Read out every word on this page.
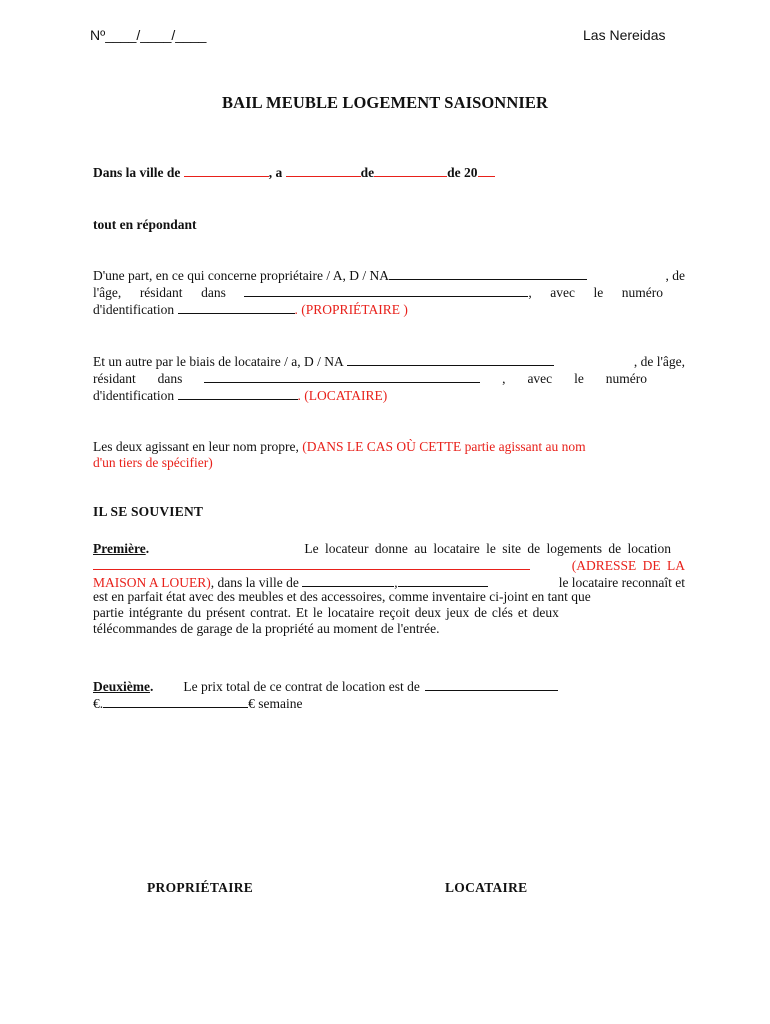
Nº____/____/____	Las Nereidas
BAIL MEUBLE LOGEMENT SAISONNIER
Dans la ville de	, a	de	de 20
tout en répondant
D'une part, en ce qui concerne propriétaire / A, D / NA	, de
l'âge, résidant dans	, avec le numéro
d'identification
	. (PROPRIÉTAIRE )
Et un autre par le biais de locataire / a, D / NA
	, de l'âge,
résidant dans	, avec le numéro
d'identification
	. (LOCATAIRE)
Les deux agissant en leur nom propre,
(DANS LE CAS OÙ CETTE partie agissant au nom
d'un tiers de spécifier)
IL SE SOUVIENT
Première.	Le locateur donne au locataire le site de logements de location
(ADRESSE DE LA
MAISON A LOUER), dans la ville de	,	le locataire reconnaît et
est en parfait état avec des meubles et des accessoires, comme inventaire ci-joint en tant que
partie intégrante du présent contrat. Et le locataire reçoit deux jeux de clés et deux
télécommandes de garage de la propriété au moment de l'entrée.
Deuxième. Le prix total de ce contrat de location est de

€.	€ semaine
PROPRIÉTAIRE	LOCATAIRE
